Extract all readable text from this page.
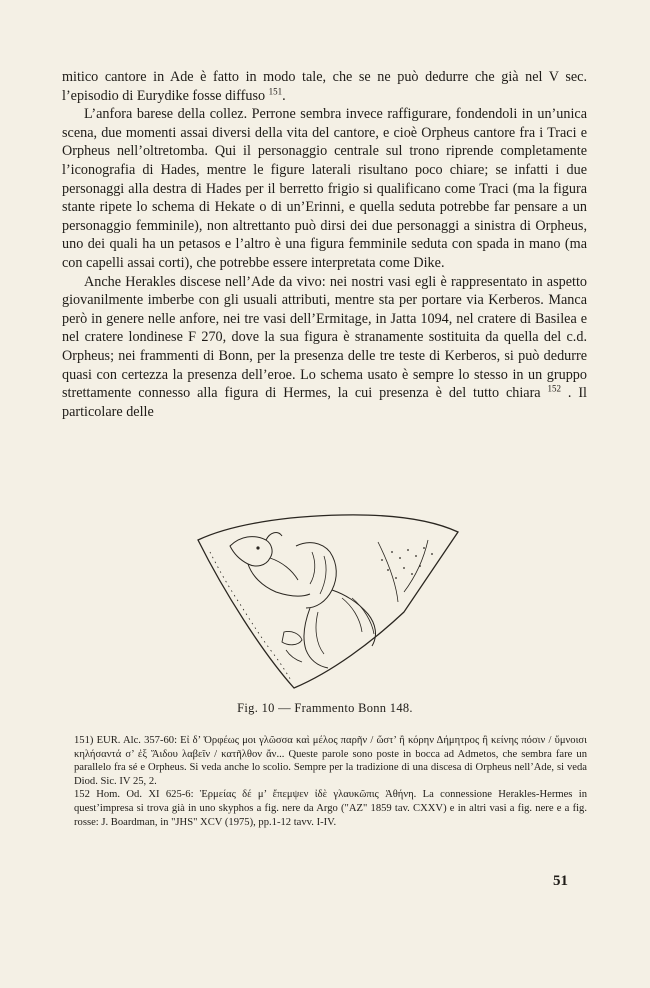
mitico cantore in Ade è fatto in modo tale, che se ne può dedurre che già nel V sec. l’episodio di Eurydike fosse diffuso $^{151}$.

L’anfora barese della collez. Perrone sembra invece raffigurare, fondendoli in un’unica scena, due momenti assai diversi della vita del cantore, e cioè Orpheus cantore fra i Traci e Orpheus nell’oltretomba. Qui il personaggio centrale sul trono riprende completamente l’iconografia di Hades, mentre le figure laterali risultano poco chiare; se infatti i due personaggi alla destra di Hades per il berretto frigio si qualificano come Traci (ma la figura stante ripete lo schema di Hekate o di un’Erinni, e quella seduta potrebbe far pensare a un personaggio femminile), non altrettanto può dirsi dei due personaggi a sinistra di Orpheus, uno dei quali ha un petasos e l’altro è una figura femminile seduta con spada in mano (ma con capelli assai corti), che potrebbe essere interpretata come Dike.

Anche Herakles discese nell’Ade da vivo: nei nostri vasi egli è rappresentato in aspetto giovanilmente imberbe con gli usuali attributi, mentre sta per portare via Kerberos. Manca però in genere nelle anfore, nei tre vasi dell’Ermitage, in Jatta 1094, nel cratere di Basilea e nel cratere londinese F 270, dove la sua figura è stranamente sostituita da quella del c.d. Orpheus; nei frammenti di Bonn, per la presenza delle tre teste di Kerberos, si può dedurre quasi con certezza la presenza dell’eroe. Lo schema usato è sempre lo stesso in un gruppo strettamente connesso alla figura di Hermes, la cui presenza è del tutto chiara $^{152}$ . Il particolare delle

Fig. 10 — Frammento Bonn 148.

151) EUR. Alc. 357-60: Εἰ δ’ Ὀρφέως μοι γλῶσσα καὶ μέλος παρῆν / ὥστ’ ἢ κόρην Δήμητρος ἢ κείνης πόσιν / ὕμνοισι κηλήσαντά σ’ ἐξ Ἅιδου λαβεῖν / κατῆλθον ἄν... Queste parole sono poste in bocca ad Admetos, che sembra fare un parallelo fra sé e Orpheus. Si veda anche lo scolio. Sempre per la tradizione di una discesa di Orpheus nell’Ade, si veda Diod. Sic. IV 25, 2.

152 Hom. Od. XI 625-6: Ἑρμείας δέ μ’ ἔπεμψεν ἰδὲ γλαυκῶπις Ἀθήνη. La connessione Herakles-Hermes in quest’impresa si trova già in uno skyphos a fig. nere da Argo ("AZ" 1859 tav. CXXV) e in altri vasi a fig. nere e a fig. rosse: J. Boardman, in "JHS" XCV (1975), pp.1-12 tavv. I-IV.

51
